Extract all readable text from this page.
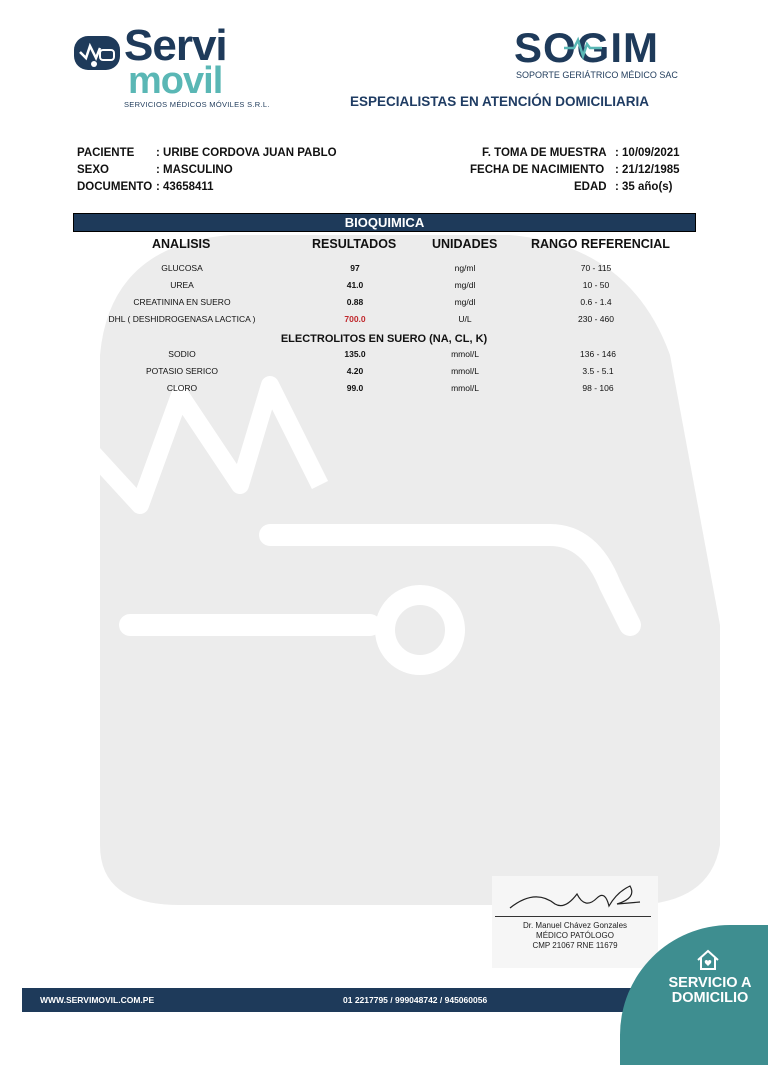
Servi
movil
SERVICIOS MÉDICOS MÓVILES S.R.L.
SOGIM
SOPORTE GERIÁTRICO MÉDICO SAC
ESPECIALISTAS EN ATENCIÓN DOMICILIARIA
PACIENTE : URIBE CORDOVA JUAN PABLO
SEXO	: MASCULINO
DOCUMENTO : 43658411
F. TOMA DE MUESTRA : 10/09/2021
FECHA DE NACIMIENTO : 21/12/1985
EDAD : 35 año(s)
BIOQUIMICA
ANALISIS	RESULTADOS	UNIDADES	RANGO REFERENCIAL
GLUCOSA	97	ng/ml	70 - 115
UREA	41.0	mg/dl	10 - 50
CREATININA EN SUERO	0.88	mg/dl	0.6 - 1.4
DHL ( DESHIDROGENASA LACTICA )	700.0	U/L	230 - 460
ELECTROLITOS EN SUERO (NA, CL, K)
SODIO	135.0	mmol/L	136 - 146
POTASIO SERICO	4.20	mmol/L	3.5 - 5.1
CLORO	99.0	mmol/L	98 - 106
Dr. Manuel Chávez Gonzales
MÉDICO PATÓLOGO
CMP 21067 RNE 11679
WWW.SERVIMOVIL.COM.PE	01 2217795 / 999048742 / 945060056
SERVICIO A
DOMICILIO
